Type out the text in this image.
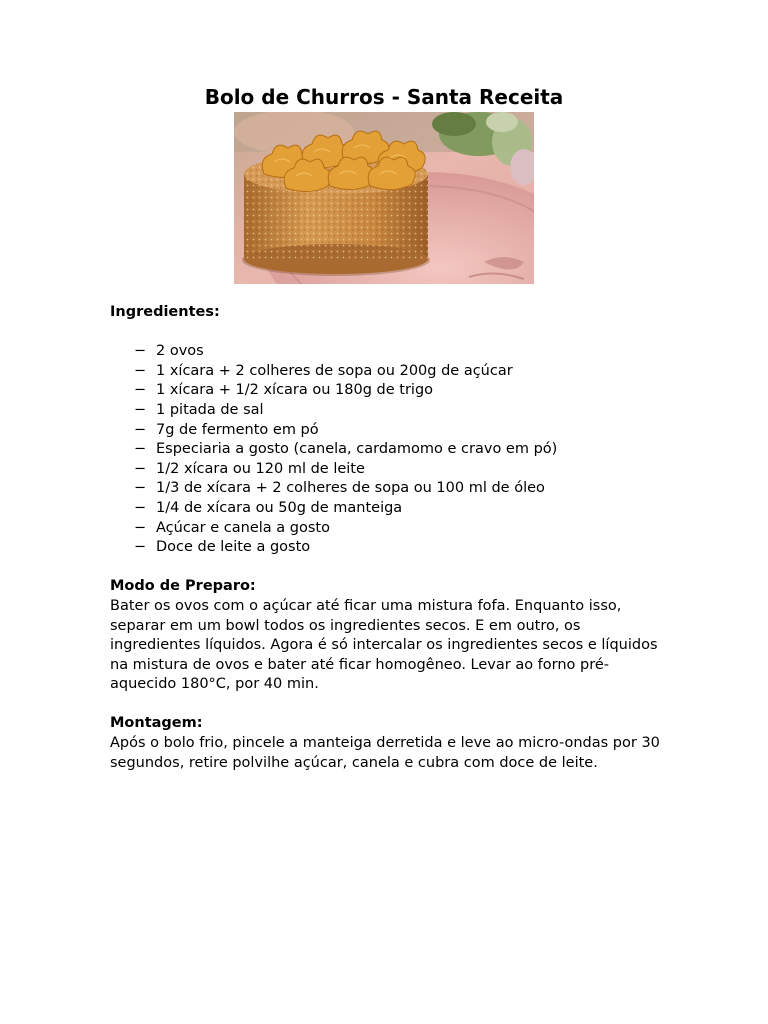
Bolo de Churros - Santa Receita

Ingredientes:

− 2 ovos
− 1 xícara + 2 colheres de sopa ou 200g de açúcar
− 1 xícara + 1/2 xícara ou 180g de trigo
− 1 pitada de sal
− 7g de fermento em pó
− Especiaria a gosto (canela, cardamomo e cravo em pó)
− 1/2 xícara ou 120 ml de leite
− 1/3 de xícara + 2 colheres de sopa ou 100 ml de óleo
− 1/4 de xícara ou 50g de manteiga
− Açúcar e canela a gosto
− Doce de leite a gosto

Modo de Preparo:

Bater os ovos com o açúcar até ficar uma mistura fofa. Enquanto isso, separar em um bowl todos os ingredientes secos. E em outro, os ingredientes líquidos. Agora é só intercalar os ingredientes secos e líquidos na mistura de ovos e bater até ficar homogêneo. Levar ao forno pré-aquecido 180°C, por 40 min.

Montagem:

Após o bolo frio, pincele a manteiga derretida e leve ao micro-ondas por 30 segundos, retire polvilhe açúcar, canela e cubra com doce de leite.
